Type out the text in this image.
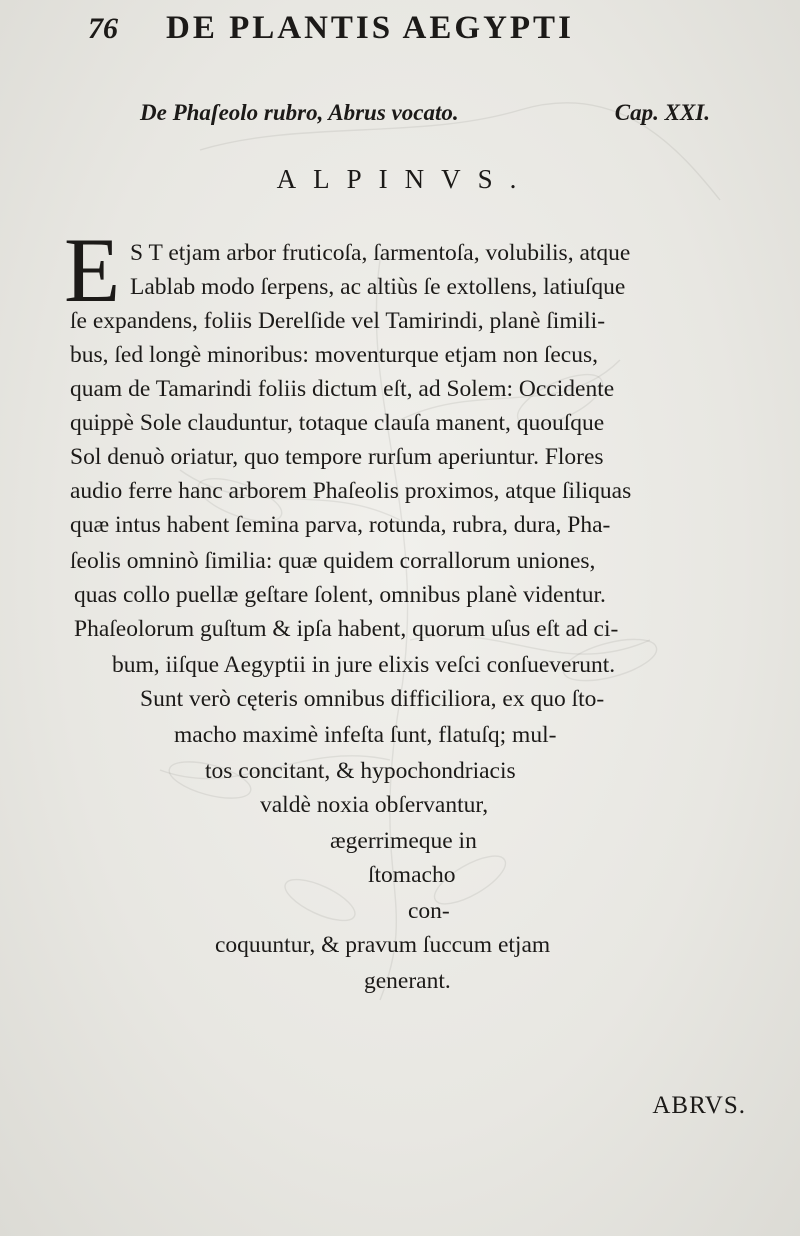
76 DE PLANTIS AEGYPTI
De Phaſeolo rubro, Abrus vocato.	Cap. XXI.
ALPINVS.
E S T etjam arbor fruticoſa, ſarmentoſa, volubilis, atque
Lablab modo ſerpens, ac altiùs ſe extollens, latiuſque
ſe expandens, foliis Derelſide vel Tamirindi, planè ſimili-
bus, ſed longè minoribus: moventurque etjam non ſecus,
quam de Tamarindi foliis dictum eſt, ad Solem: Occidente
quippè Sole clauduntur, totaque clauſa manent, quouſque
Sol denuò oriatur, quo tempore rurſum aperiuntur. Flores
audio ferre hanc arborem Phaſeolis proximos, atque ſiliquas
quæ intus habent ſemina parva, rotunda, rubra, dura, Pha-
ſeolis omninò ſimilia: quæ quidem corrallorum uniones,
quas collo puellæ geſtare ſolent, omnibus planè videntur.
Phaſeolorum guſtum & ipſa habent, quorum uſus eſt ad ci-
bum, iiſque Aegyptii in jure elixis veſci conſueverunt.
Sunt verò cęteris omnibus difficiliora, ex quo ſto-
macho maximè infeſta ſunt, flatuſq; mul-
tos concitant, & hypochondriacis
valdè noxia obſervantur,
ægerrimeque in
ſtomacho
con-
coquuntur, & pravum ſuccum etjam
generant.
ABRVS.
